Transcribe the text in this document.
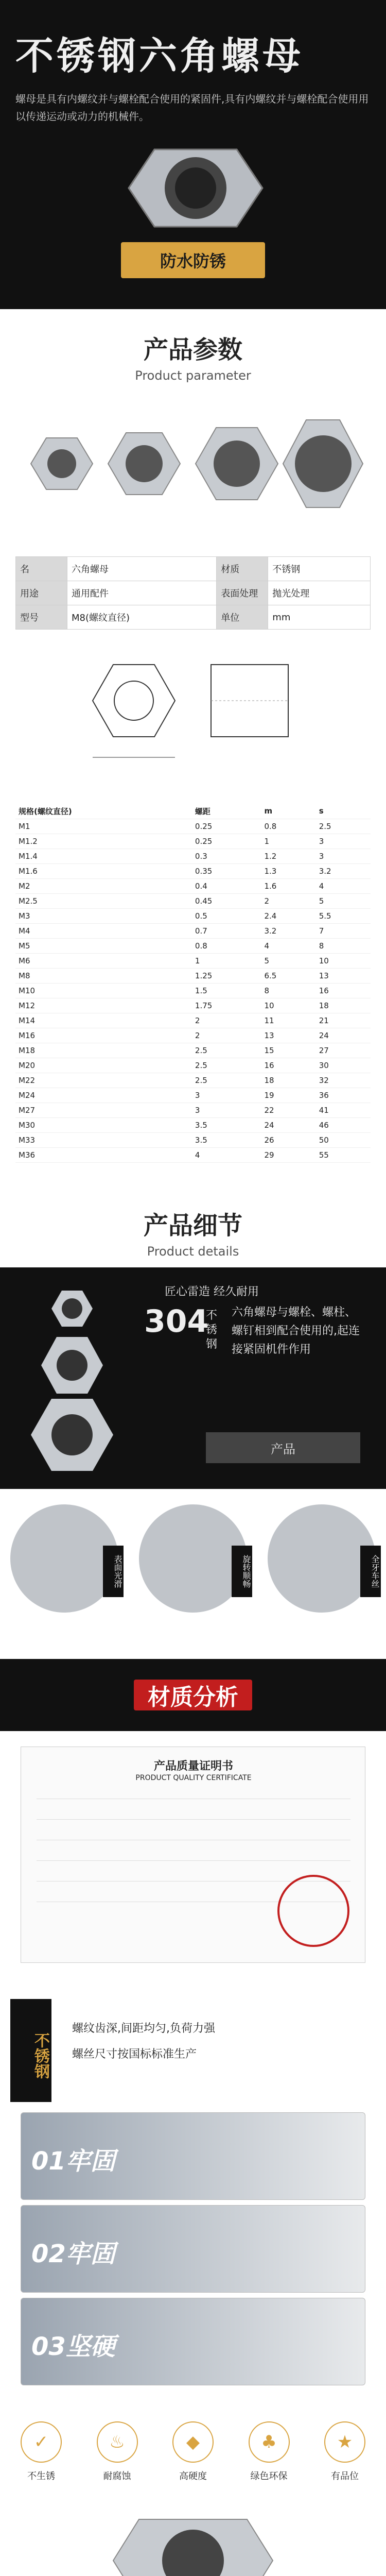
不锈钢六角螺母
螺母是具有内螺纹并与螺栓配合使用的紧固件,具有内螺纹并与螺栓配合使用用以传递运动或动力的机械件。
防水防锈
产品参数
Product parameter
名	六角螺母	材质	不锈钢
用途	通用配件	表面处理	抛光处理
型号	M8(螺纹直径)	单位	mm
规格(螺纹直径)	螺距	m	s
M1	0.25	0.8	2.5
M1.2	0.25	1	3
M1.4	0.3	1.2	3
M1.6	0.35	1.3	3.2
M2	0.4	1.6	4
M2.5	0.45	2	5
M3	0.5	2.4	5.5
M4	0.7	3.2	7
M5	0.8	4	8
M6	1	5	10
M8	1.25	6.5	13
M10	1.5	8	16
M12	1.75	10	18
M14	2	11	21
M16	2	13	24
M18	2.5	15	27
M20	2.5	16	30
M22	2.5	18	32
M24	3	19	36
M27	3	22	41
M30	3.5	24	46
M33	3.5	26	50
M36	4	29	55
产品细节
Product details
匠心雷造 经久耐用
304
不锈钢
六角螺母与螺栓、螺柱、螺钉相到配合使用的,起连接紧固机件作用
产品
表面光滑	旋转顺畅	全牙车丝
材质分析
产品质量证明书
PRODUCT QUALITY CERTIFICATE
不锈钢
螺纹齿深,间距均匀,负荷力强
螺丝尺寸按国标标准生产
01牢固
02牢固
03坚硬
✓
不生锈
♨
耐腐蚀
◆
高硬度
♣
绿色环保
★
有品位
